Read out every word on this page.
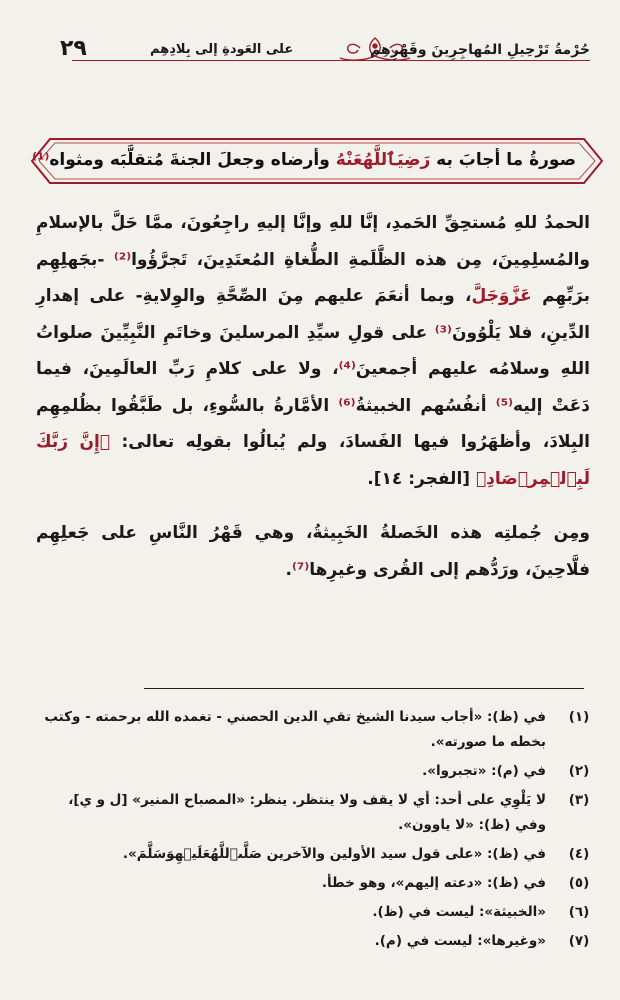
٢٩	على العَودةِ إلى بِلادِهِم	حُرْمةُ تَرْحِيلِ المُهاجِرِينَ وقَهْرِهِم
صورةُ ما أجابَ به رَضِيَٱللَّهُعَنْهُ وأرضاه وجعلَ الجنةَ مُتقلَّبَه ومثواه⁽¹⁾

الحمدُ للهِ مُستحِقِّ الحَمدِ، إنَّا للهِ وإنَّا إليهِ راجِعُونَ، ممَّا حَلَّ بالإسلامِ والمُسلِمِينَ، مِن هذه الظَّلَمةِ الطُّغاةِ المُعتَدِينَ، تَجرَّؤُوا⁽²⁾ -بجَهلِهِم برَبِّهِم عَزَّوَجَلَّ، وبما أنعَمَ عليهم مِنَ الصِّحَّةِ والوِلايةِ- على إهدارِ الدِّينِ، فلا يَلْوُونَ⁽³⁾ على قولِ سيِّدِ المرسلينَ وخاتَمِ النَّبِيِّينَ صلواتُ اللهِ وسلامُه عليهم أجمعينَ⁽⁴⁾، ولا على كلامِ رَبِّ العالَمِينَ، فيما دَعَتْ إليه⁽⁵⁾ أنفُسُهم الخبيثةُ⁽⁶⁾ الأمَّارةُ بالسُّوءِ، بل طَبَّقُوا بظُلمِهِم البِلادَ، وأظهَرُوا فيها الفَسادَ، ولم يُبالُوا بقولِه تعالى: ﴿إِنَّ رَبَّكَ لَبِٱلۡمِرۡصَادِ﴾ [الفجر: ١٤].

ومِن جُملتِه هذه الخَصلةُ الخَبِيثةُ، وهي قَهْرُ النَّاسِ على جَعلِهِم فلَّاحِينَ، ورَدُّهم إلى القُرى وغيرِها⁽⁷⁾.

(١)
في (ظ): «أجاب سيدنا الشيخ تقي الدين الحصني - تغمده الله برحمته - وكتب بخطه ما صورته».
(٢)
في (م): «تجبروا».
(٣)
لا يَلْوِي على أحد: أي لا يقف ولا ينتظر. ينظر: «المصباح المنير» [ل و ي]، وفي (ظ): «لا ياوون».
(٤)
في (ظ): «على قول سيد الأولين والآخرين صَلَّىٱللَّهُعَلَيۡهِوَسَلَّمَ».
(٥)
في (ظ): «دعته إليهم»، وهو خطأ.
(٦)
«الخبيثة»: ليست في (ظ).
(٧)
«وغيرها»: ليست في (م).
